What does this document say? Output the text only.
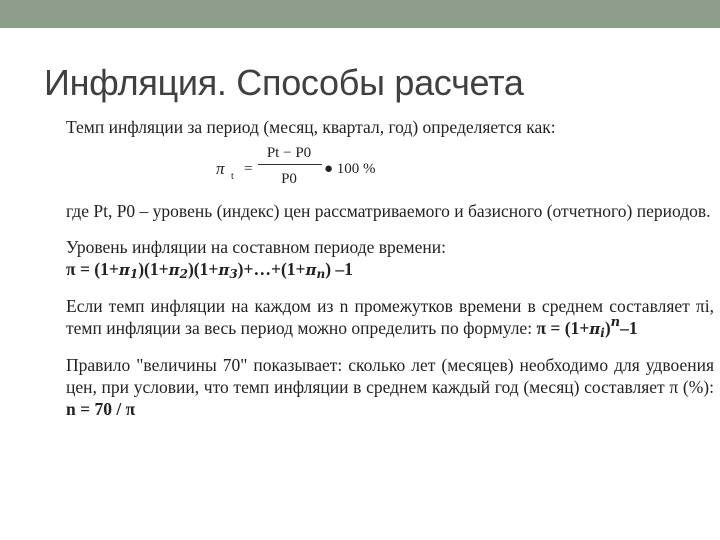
Инфляция. Способы расчета

Темп инфляции за период (месяц, квартал, год) определяется как:

π t =
Pt − P0
P0
● 100 %

где Pt, P0 – уровень (индекс) цен рассматриваемого и базисного (отчетного) периодов.

Уровень инфляции на составном периоде времени:

$\pi = (1+\pi_1)(1+\pi_2)(1+\pi_3)+\dots+(1+\pi_n)$ –1

Если темп инфляции на каждом из n промежутков времени в среднем составляет πi, темп инфляции за весь период можно определить по формуле: $\pi = (1+\pi_i)^n-1$

Правило "величины 70" показывает: сколько лет (месяцев) необходимо для удвоения цен, при условии, что темп инфляции в среднем каждый год (месяц) составляет π (%): n = 70 / π
